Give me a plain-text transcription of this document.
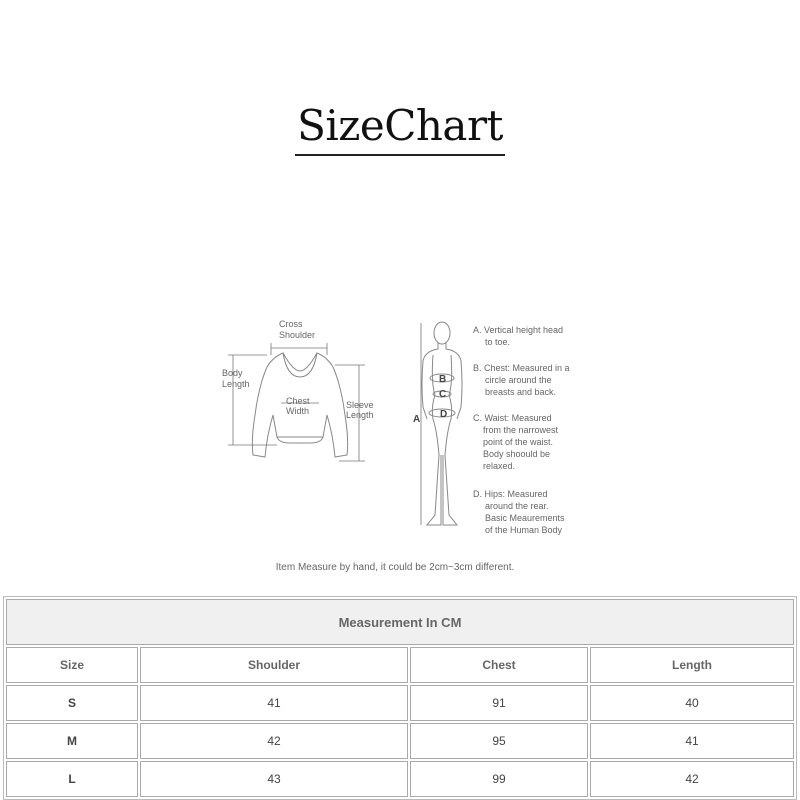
SizeChart
Cross
Shoulder
Body
Length
Chest
Width
Sleeve
Length	A
B
C
D
A. Vertical height head
to toe.
B. Chest: Measured in a
circle around the
breasts and back.
C. Waist: Measured
from the narrowest
point of the waist.
Body shoould be
relaxed.
D. Hips: Measured
around the rear.
Basic Meaurements
of the Human Body
Item Measure by hand, it could be 2cm~3cm different.
Measurement In CM			
Size	Shoulder	Chest	Length
S	41	91	40
M	42	95	41
L	43	99	42
